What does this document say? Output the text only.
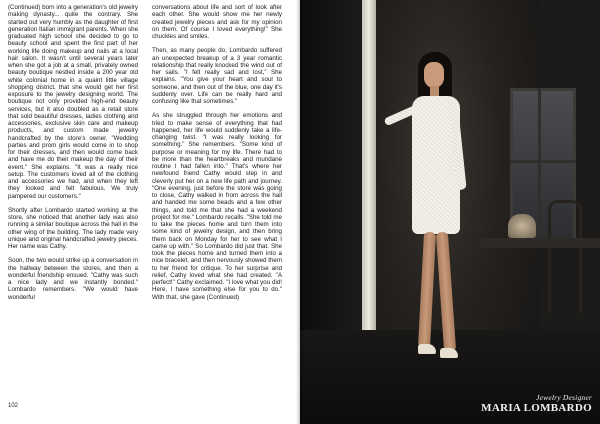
(Continued) born into a generation's old jewelry making dynasty... quite the contrary. She started out very humbly as the daughter of first generation Italian immigrant parents. When she graduated high school she decided to go to beauty school and spent the first part of her working life doing makeup and nails at a local hair salon. It wasn't until several years later when she got a job at a small, privately owned beauty boutique nestled inside a 200 year old white colonial home in a quaint little village shopping district, that she would get her first exposure to the jewelry designing world. The boutique not only provided high-end beauty services, but it also doubled as a retail store that sold beautiful dresses, ladies clothing and accessories, exclusive skin care and makeup products, and custom made jewelry handcrafted by the store's owner. "Wedding parties and prom girls would come in to shop for their dresses, and then would come back and have me do their makeup the day of their event." She explains. "It was a really nice setup. The customers loved all of the clothing and accessories we had, and when they left they looked and felt fabulous. We truly pampered our customers."

Shortly after Lombardo started working at the store, she noticed that another lady was also running a similar boutique across the hall in the other wing of the building. The lady made very unique and original handcrafted jewelry pieces. Her name was Cathy.

Soon, the two would strike up a conversation in the hallway between the stores, and then a wonderful friendship ensued. "Cathy was such a nice lady and we instantly bonded." Lombardo remembers. "We would have wonderful

conversations about life and sort of look after each other. She would show me her newly created jewelry pieces and ask for my opinion on them. Of course I loved everything!" She chuckles and smiles.

Then, as many people do, Lombardo suffered an unexpected breakup of a 3 year romantic relationship that really knocked the wind out of her sails. "I felt really sad and lost," She explains. "You give your heart and soul to someone, and then out of the blue, one day it's suddenly over. Life can be really hard and confusing like that sometimes."

As she struggled through her emotions and tried to make sense of everything that had happened, her life would suddenly take a life-changing twist. "I was really looking for something." She remembers. "Some kind of purpose or meaning for my life. There had to be more than the heartbreaks and mundane routine I had fallen into." That's where her newfound friend Cathy would step in and cleverly put her on a new life path and journey. "One evening, just before the store was going to close, Cathy walked in from across the hall and handed me some beads and a few other things, and told me that she had a weekend project for me." Lombardo recalls. "She told me to take the pieces home and turn them into some kind of jewelry design, and then bring them back on Monday for her to see what I came up with." So Lombardo did just that. She took the pieces home and turned them into a nice bracelet, and then nervously showed them to her friend for critique. To her surprise and relief, Cathy loved what she had created. "A perfect!" Cathy exclaimed. "I love what you did! Here, I have something else for you to do." With that, she gave (Continued)

102
Jewelry Designer
MARIA LOMBARDO
